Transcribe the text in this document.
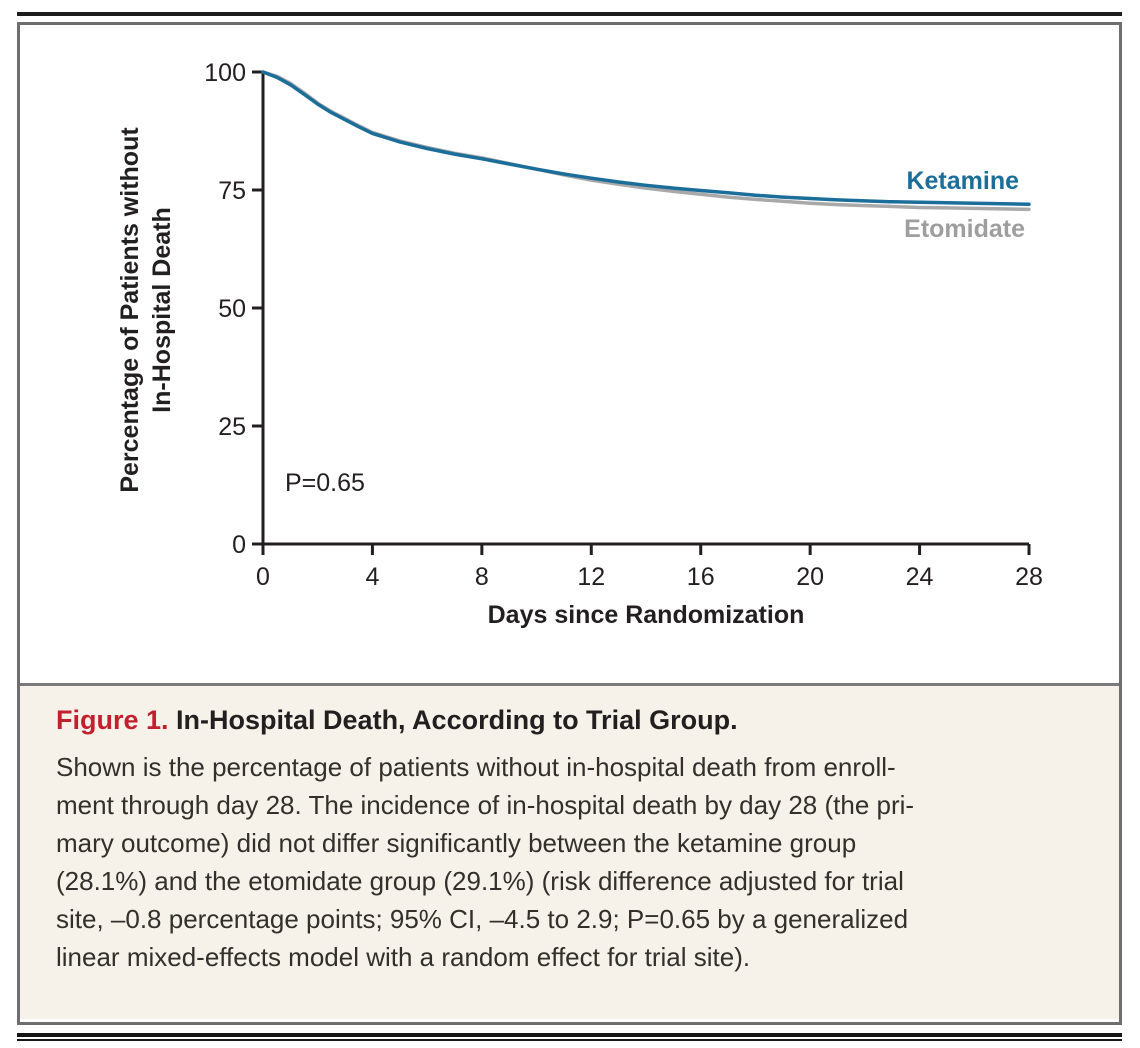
0
25
50
75
100
0	4	8	12	16	20	24	28
Days since Randomization
Percentage of Patients without In-Hospital Death
P=0.65
Etomidate
Ketamine
Figure 1. In-Hospital Death, According to Trial Group.
Shown is the percentage of patients without in-hospital death from enroll-
ment through day 28. The incidence of in-hospital death by day 28 (the pri-
mary outcome) did not differ significantly between the ketamine group
(28.1%) and the etomidate group (29.1%) (risk difference adjusted for trial
site, –0.8 percentage points; 95% CI, –4.5 to 2.9; P=0.65 by a generalized
linear mixed-effects model with a random effect for trial site).
